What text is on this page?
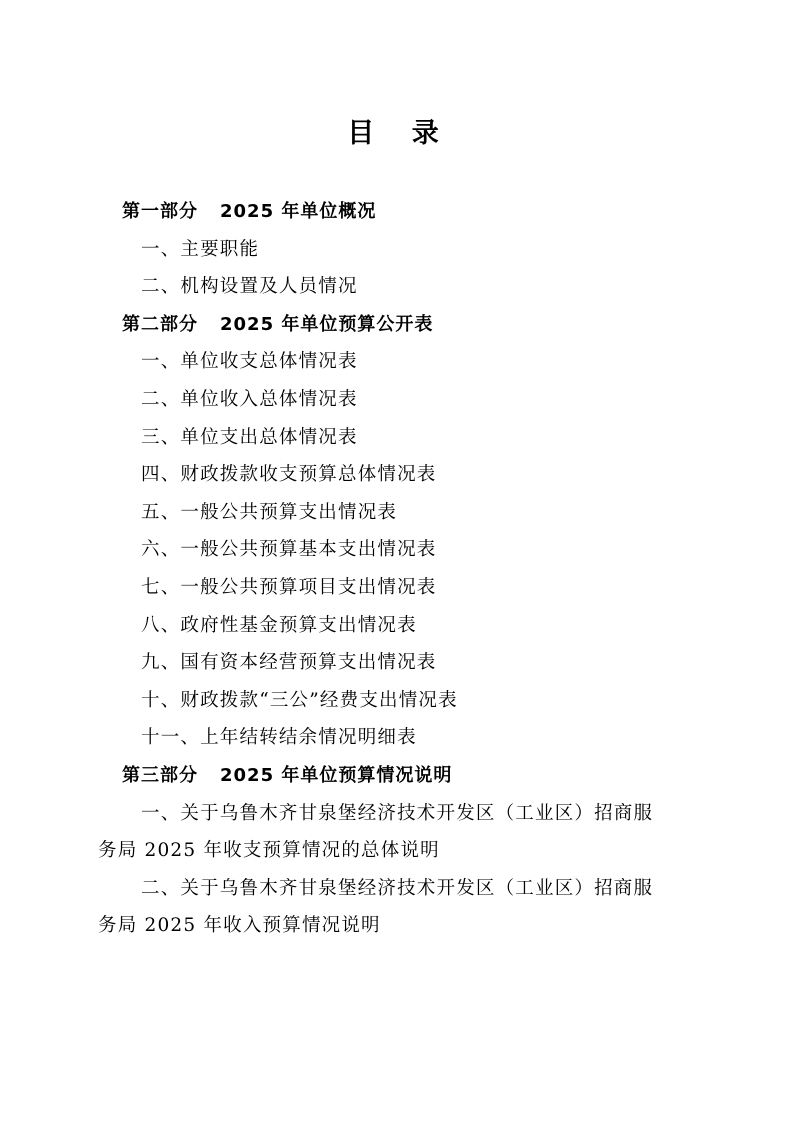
目 录
第一部分 2025 年单位概况
一、主要职能
二、机构设置及人员情况
第二部分 2025 年单位预算公开表
一、单位收支总体情况表
二、单位收入总体情况表
三、单位支出总体情况表
四、财政拨款收支预算总体情况表
五、一般公共预算支出情况表
六、一般公共预算基本支出情况表
七、一般公共预算项目支出情况表
八、政府性基金预算支出情况表
九、国有资本经营预算支出情况表
十、财政拨款“三公”经费支出情况表
十一、上年结转结余情况明细表
第三部分 2025 年单位预算情况说明
一、关于乌鲁木齐甘泉堡经济技术开发区（工业区）招商服
务局 2025 年收支预算情况的总体说明
二、关于乌鲁木齐甘泉堡经济技术开发区（工业区）招商服
务局 2025 年收入预算情况说明
